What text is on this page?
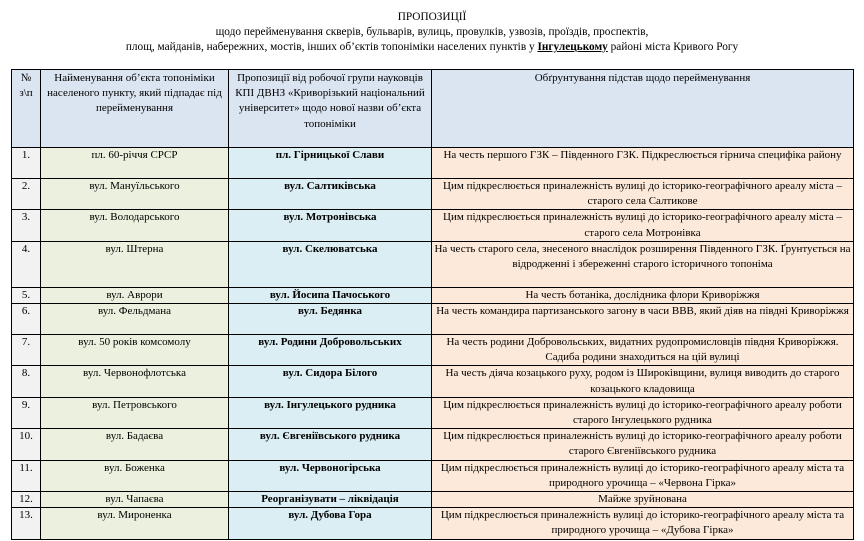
ПРОПОЗИЦІЇ
щодо перейменування скверів, бульварів, вулиць, провулків, узвозів, проїздів, проспектів,
площ, майданів, набережних, мостів, інших об’єктів топоніміки населених пунктів у Інгулецькому районі міста Кривого Рогу
№ з\п	Найменування об’єкта топоніміки населеного пункту, який підпадає під перейменування	Пропозиції від робочої групи науковців КПІ ДВНЗ «Криворізький національний університет» щодо нової назви об’єкта топоніміки	Обґрунтування підстав щодо перейменування
1.	пл. 60-річчя СРСР	пл. Гірницької Слави	На честь першого ГЗК – Південного ГЗК. Підкреслюється гірнича специфіка району
2.	вул. Мануїльського	вул. Салтиківська	Цим підкреслюється приналежність вулиці до історико-географічного ареалу міста – старого села Салтикове
3.	вул. Володарського	вул. Мотронівська	Цим підкреслюється приналежність вулиці до історико-географічного ареалу міста – старого села Мотронівка
4.	вул. Штерна	вул. Скелюватська	На честь старого села, знесеного внаслідок розширення Південного ГЗК. Ґрунтується на відродженні і збереженні старого історичного топоніма
5.	вул. Аврори	вул. Йосипа Пачоського	На честь ботаніка, дослідника флори Криворіжжя
6.	вул. Фельдмана	вул. Бедянка	На честь командира партизанського загону в часи ВВВ, який діяв на півдні Криворіжжя
7.	вул. 50 років комсомолу	вул. Родини Добровольських	На честь родини Добровольських, видатних рудопромисловців півдня Криворіжжя. Садиба родини знаходиться на цій вулиці
8.	вул. Червонофлотська	вул. Сидора Білого	На честь діяча козацького руху, родом із Широківщини, вулиця виводить до старого козацького кладовища
9.	вул. Петровського	вул. Інгулецького рудника	Цим підкреслюється приналежність вулиці до історико-географічного ареалу роботи старого Інгулецького рудника
10.	вул. Бадаєва	вул. Євгеніївського рудника	Цим підкреслюється приналежність вулиці до історико-географічного ареалу роботи старого Євгеніївського рудника
11.	вул. Боженка	вул. Червоногірська	Цим підкреслюється приналежність вулиці до історико-географічного ареалу міста та природного урочища – «Червона Гірка»
12.	вул. Чапаєва	Реорганізувати – ліквідація	Майже зруйнована
13.	вул. Мироненка	вул. Дубова Гора	Цим підкреслюється приналежність вулиці до історико-географічного ареалу міста та природного урочища – «Дубова Гірка»
